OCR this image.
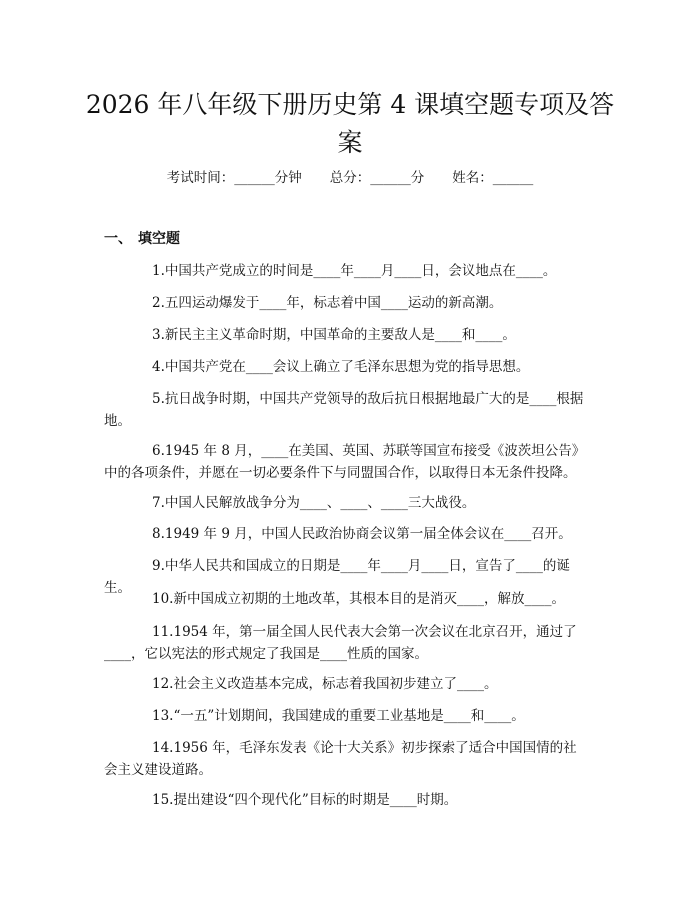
2026 年八年级下册历史第 4 课填空题专项及答案
考试时间：______分钟 总分：______分 姓名：______
一、 填空题
1.中国共产党成立的时间是____年____月____日，会议地点在____。
2.五四运动爆发于____年，标志着中国____运动的新高潮。
3.新民主主义革命时期，中国革命的主要敌人是____和____。
4.中国共产党在____会议上确立了毛泽东思想为党的指导思想。
5.抗日战争时期，中国共产党领导的敌后抗日根据地最广大的是____根据地。
6.1945 年 8 月，____在美国、英国、苏联等国宣布接受《波茨坦公告》中的各项条件，并愿在一切必要条件下与同盟国合作，以取得日本无条件投降。
7.中国人民解放战争分为____、____、____三大战役。
8.1949 年 9 月，中国人民政治协商会议第一届全体会议在____召开。
9.中华人民共和国成立的日期是____年____月____日，宣告了____的诞生。
10.新中国成立初期的土地改革，其根本目的是消灭____，解放____。
11.1954 年，第一届全国人民代表大会第一次会议在北京召开，通过了____，它以宪法的形式规定了我国是____性质的国家。
12.社会主义改造基本完成，标志着我国初步建立了____。
13.“一五”计划期间，我国建成的重要工业基地是____和____。
14.1956 年，毛泽东发表《论十大关系》初步探索了适合中国国情的社会主义建设道路。
15.提出建设“四个现代化”目标的时期是____时期。
